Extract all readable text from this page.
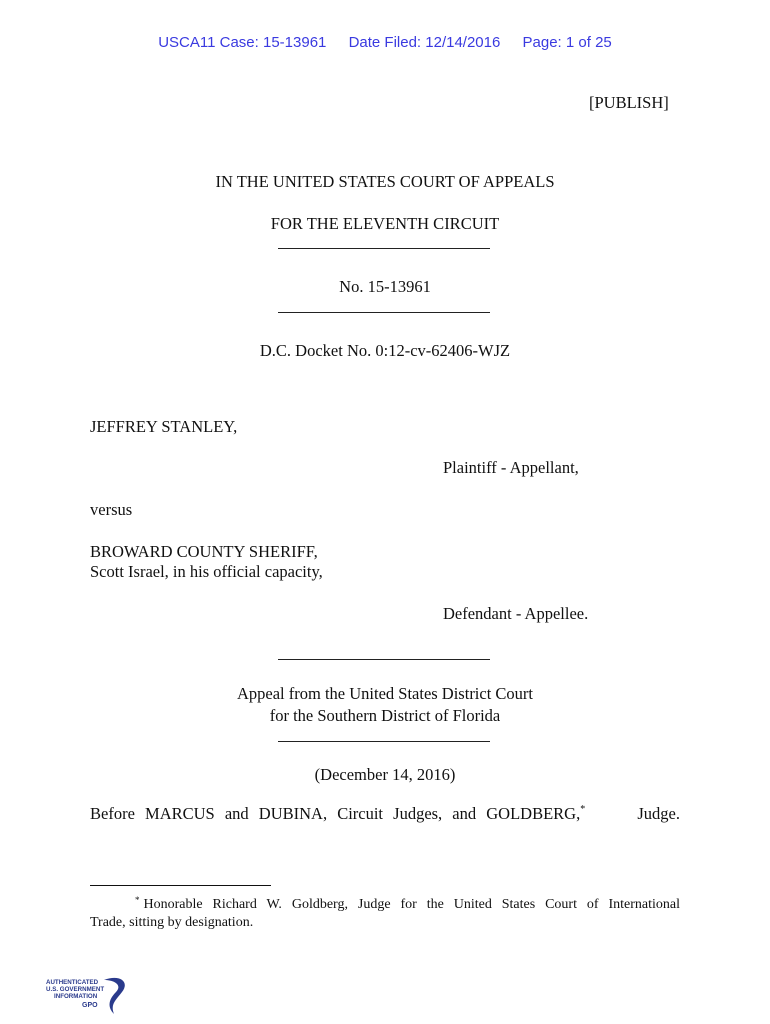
USCA11 Case: 15-13961 Date Filed: 12/14/2016 Page: 1 of 25
[PUBLISH]
IN THE UNITED STATES COURT OF APPEALS
FOR THE ELEVENTH CIRCUIT
No. 15-13961
D.C. Docket No. 0:12-cv-62406-WJZ
JEFFREY STANLEY,
Plaintiff - Appellant,
versus
BROWARD COUNTY SHERIFF,
Scott Israel, in his official capacity,
Defendant - Appellee.
Appeal from the United States District Court
for the Southern District of Florida
(December 14, 2016)
Before MARCUS and DUBINA, Circuit Judges, and GOLDBERG,*	Judge.
* Honorable Richard W. Goldberg, Judge for the United States Court of International
Trade, sitting by designation.
AUTHENTICATED
U.S. GOVERNMENT
INFORMATION
GPO
